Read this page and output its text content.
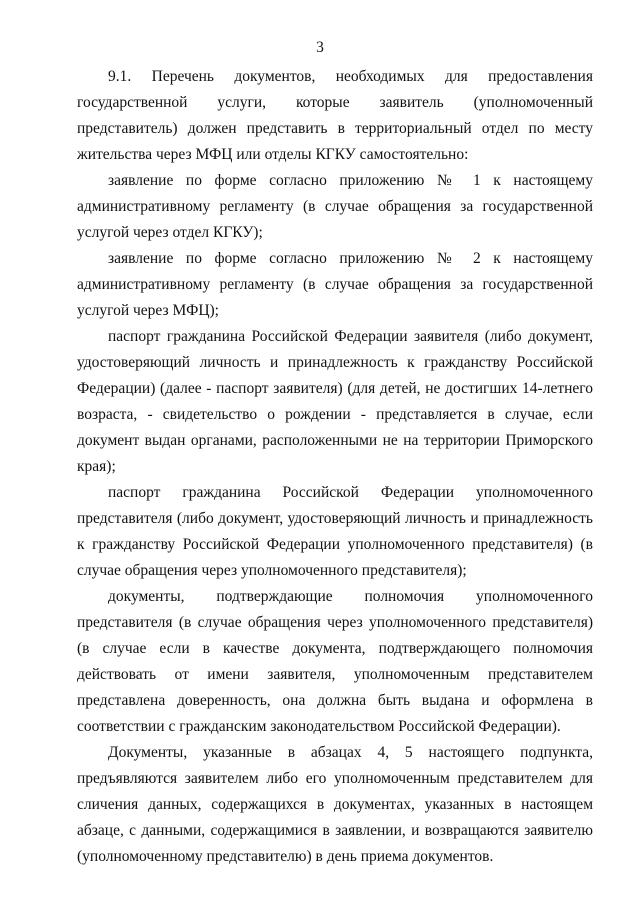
3

9.1. Перечень документов, необходимых для предоставления государственной услуги, которые заявитель (уполномоченный представитель) должен представить в территориальный отдел по месту жительства через МФЦ или отделы КГКУ самостоятельно:

заявление по форме согласно приложению № 1 к настоящему административному регламенту (в случае обращения за государственной услугой через отдел КГКУ);

заявление по форме согласно приложению № 2 к настоящему административному регламенту (в случае обращения за государственной услугой через МФЦ);

паспорт гражданина Российской Федерации заявителя (либо документ, удостоверяющий личность и принадлежность к гражданству Российской Федерации) (далее - паспорт заявителя) (для детей, не достигших 14-летнего возраста, - свидетельство о рождении - представляется в случае, если документ выдан органами, расположенными не на территории Приморского края);

паспорт гражданина Российской Федерации уполномоченного представителя (либо документ, удостоверяющий личность и принадлежность к гражданству Российской Федерации уполномоченного представителя) (в случае обращения через уполномоченного представителя);

документы, подтверждающие полномочия уполномоченного представителя (в случае обращения через уполномоченного представителя) (в случае если в качестве документа, подтверждающего полномочия действовать от имени заявителя, уполномоченным представителем представлена доверенность, она должна быть выдана и оформлена в соответствии с гражданским законодательством Российской Федерации).

Документы, указанные в абзацах 4, 5 настоящего подпункта, предъявляются заявителем либо его уполномоченным представителем для сличения данных, содержащихся в документах, указанных в настоящем абзаце, с данными, содержащимися в заявлении, и возвращаются заявителю (уполномоченному представителю) в день приема документов.
